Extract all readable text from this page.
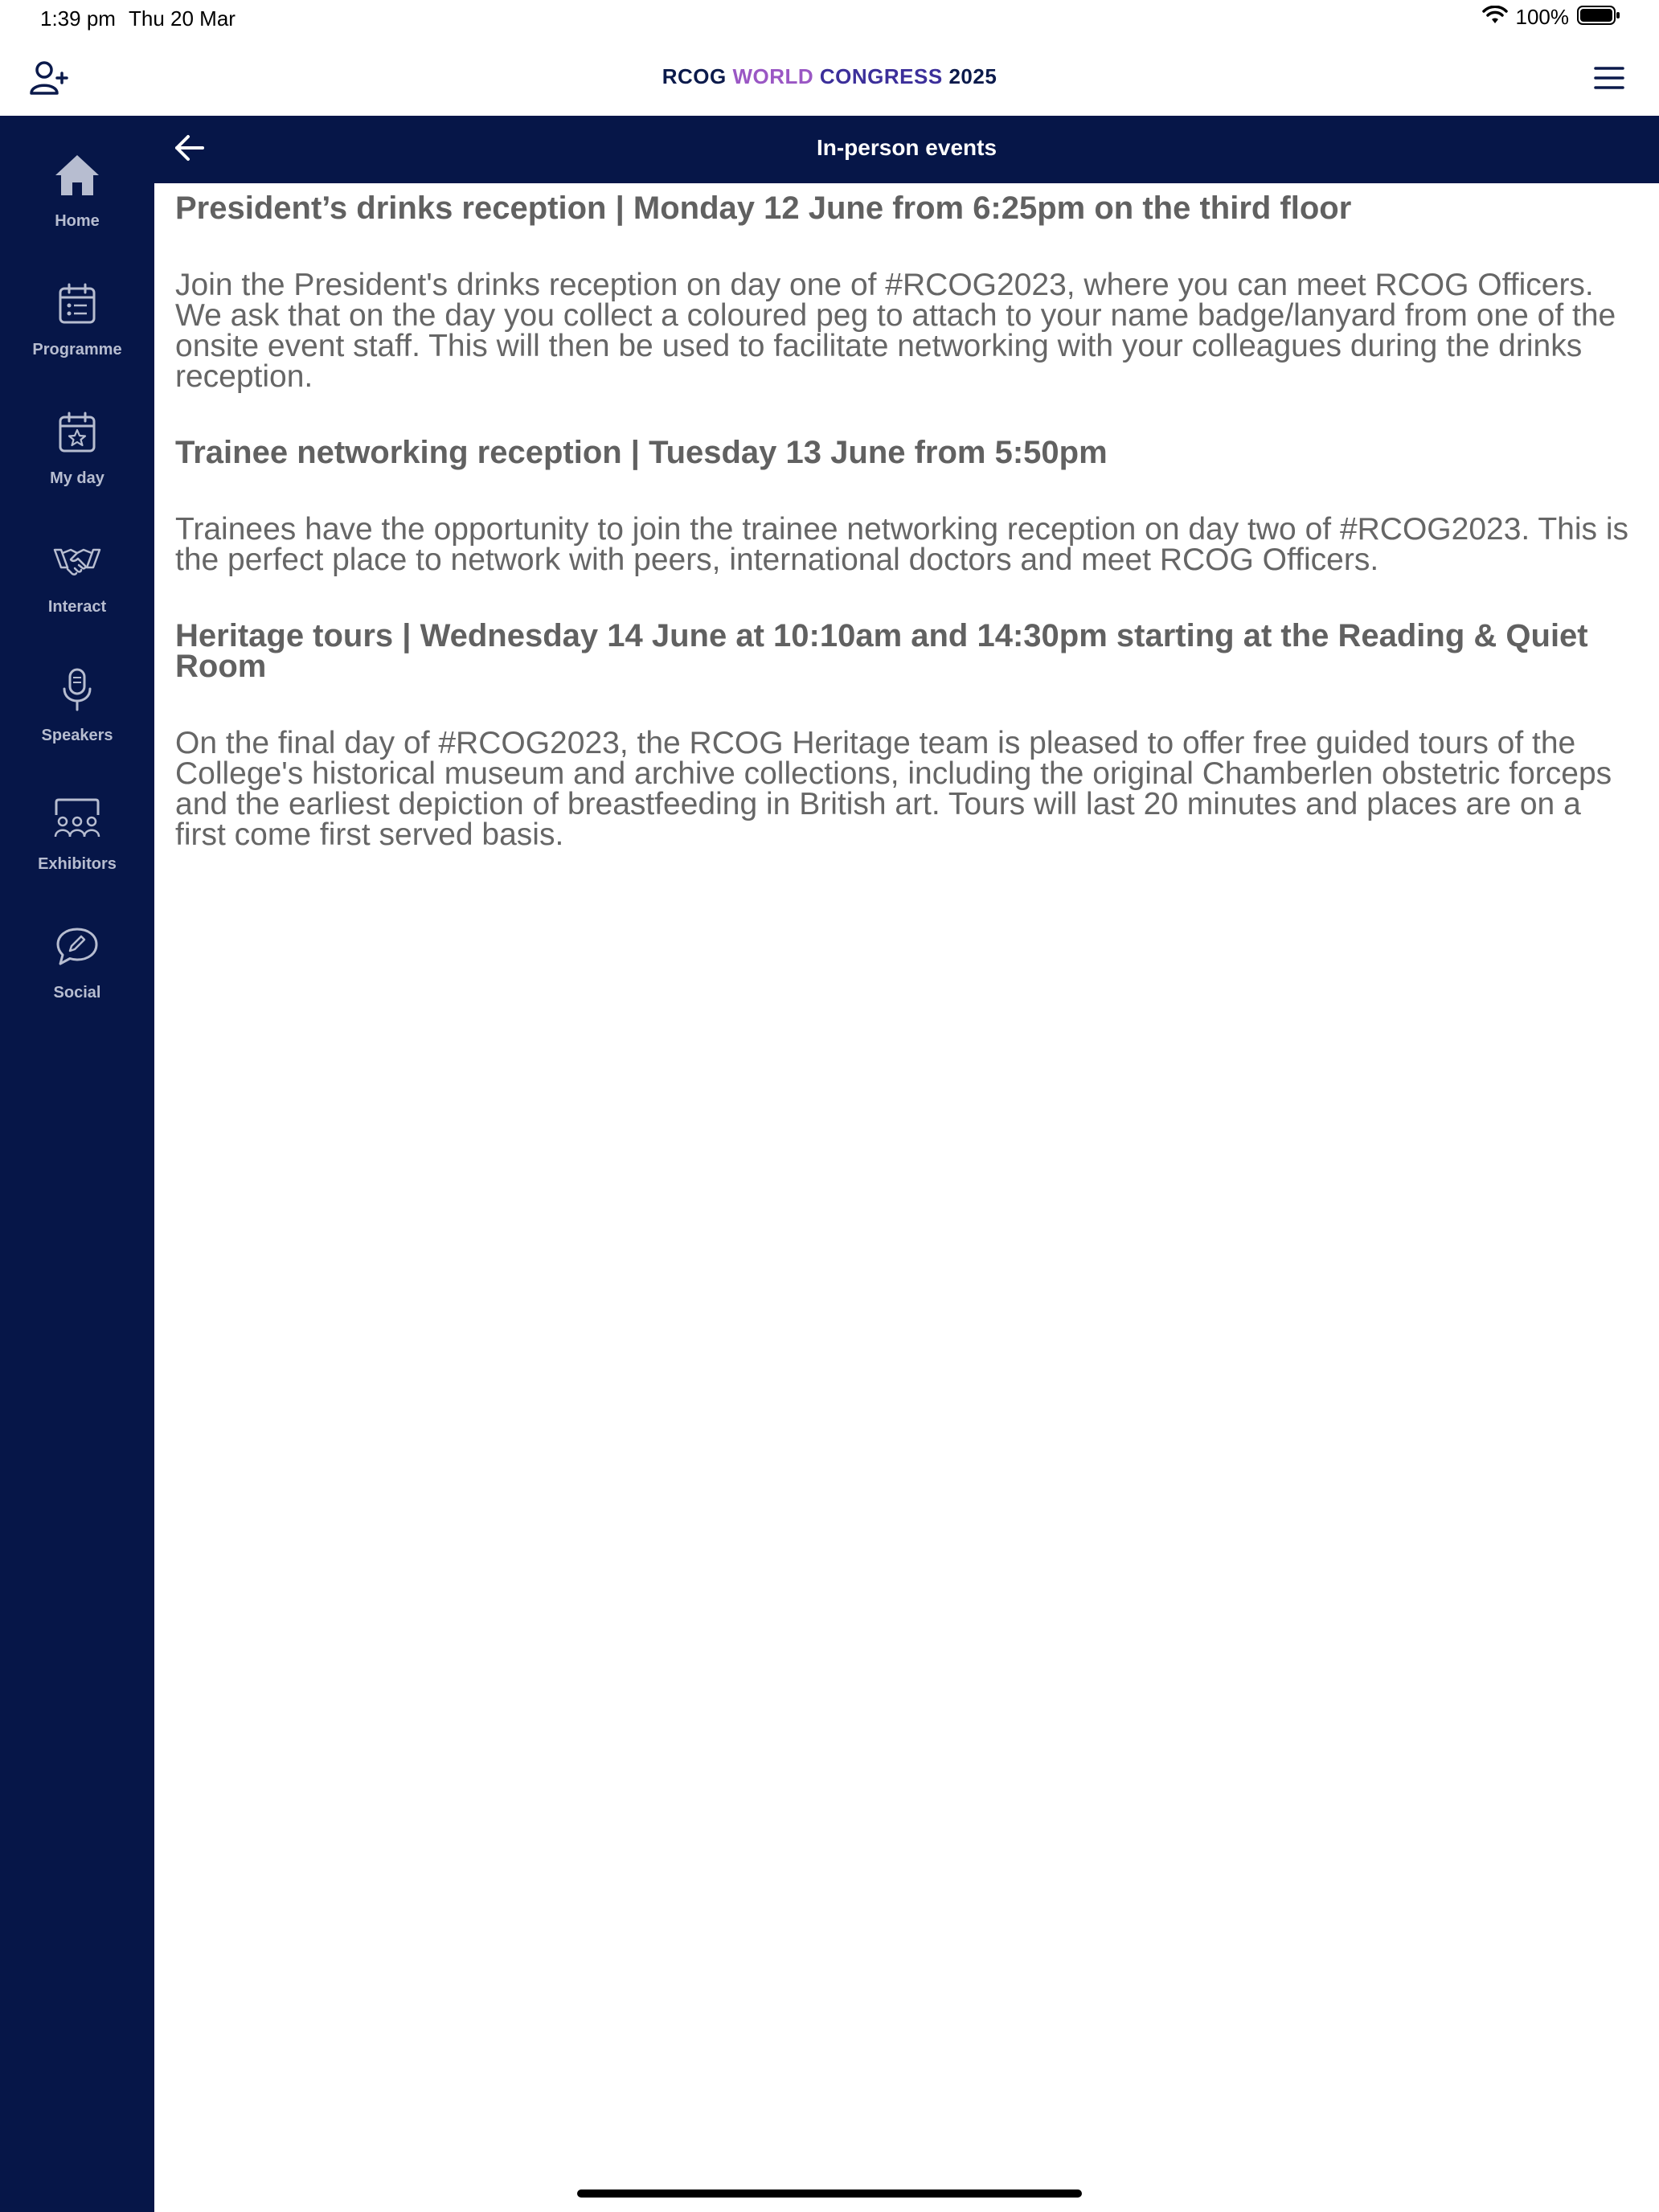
1:39 pm Thu 20 Mar	100%
RCOG WORLD CONGRESS 2025
Home
Programme
My day
Interact
Speakers
Exhibitors
Social
In-person events
President’s drinks reception | Monday 12 June from 6:25pm on the third floor

Join the President's drinks reception on day one of #RCOG2023, where you can meet RCOG Officers. We ask that on the day you collect a coloured peg to attach to your name badge/lanyard from one of the onsite event staff. This will then be used to facilitate networking with your colleagues during the drinks reception.

Trainee networking reception | Tuesday 13 June from 5:50pm

Trainees have the opportunity to join the trainee networking reception on day two of #RCOG2023. This is the perfect place to network with peers, international doctors and meet RCOG Officers.

Heritage tours | Wednesday 14 June at 10:10am and 14:30pm starting at the Reading & Quiet Room

On the final day of #RCOG2023, the RCOG Heritage team is pleased to offer free guided tours of the College's historical museum and archive collections, including the original Chamberlen obstetric forceps and the earliest depiction of breastfeeding in British art. Tours will last 20 minutes and places are on a first come first served basis.
